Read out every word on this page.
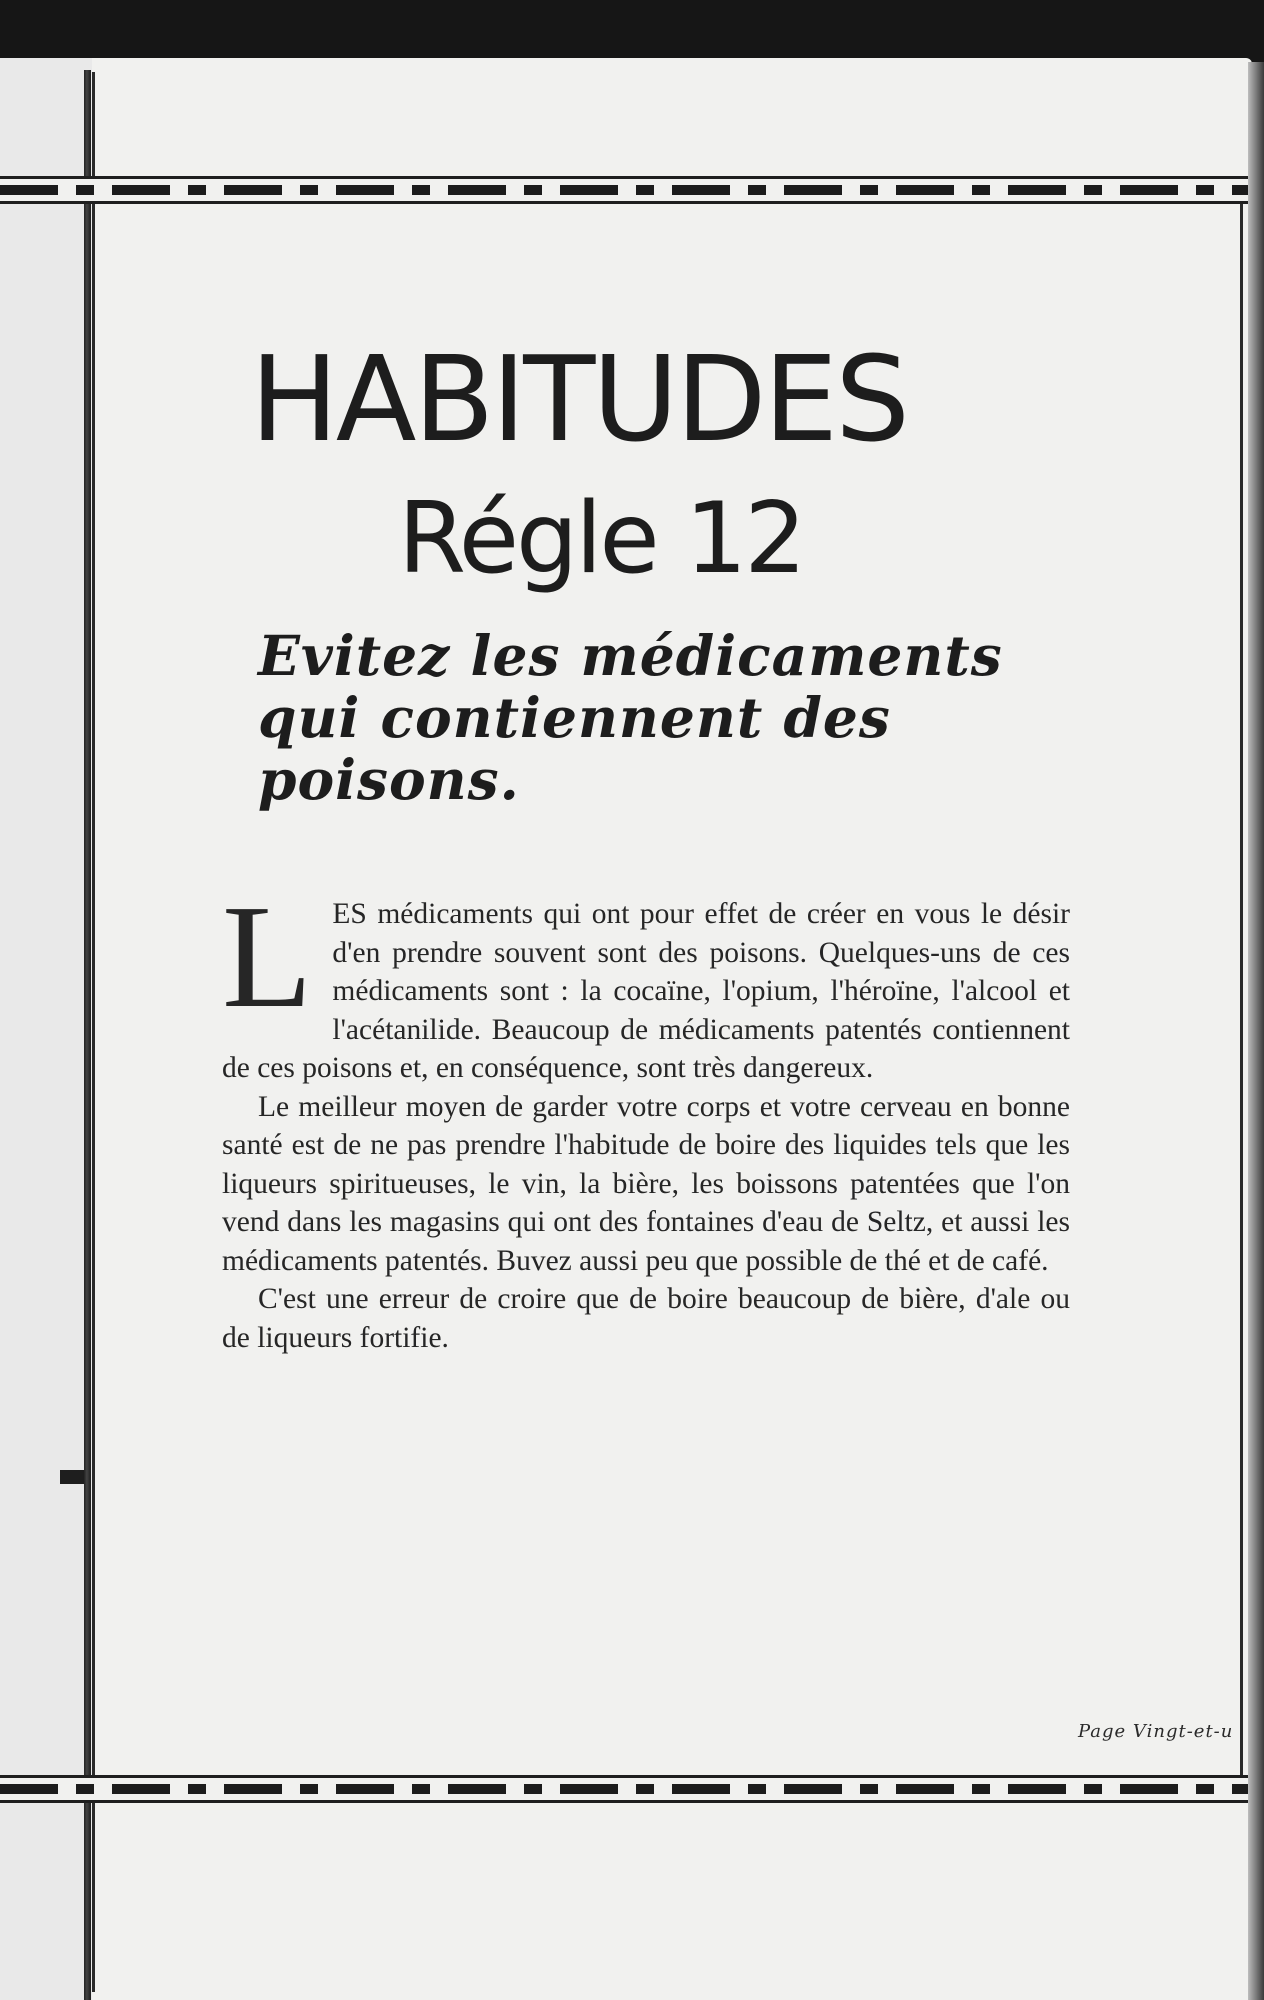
HABITUDES
Régle 12
Evitez les médicaments qui contiennent des poisons.

LES médicaments qui ont pour effet de créer en vous le désir d'en prendre souvent sont des poisons. Quelques-uns de ces médicaments sont : la cocaïne, l'opium, l'héroïne, l'alcool et l'acétanilide. Beaucoup de médicaments patentés contiennent de ces poisons et, en conséquence, sont très dangereux.

Le meilleur moyen de garder votre corps et votre cerveau en bonne santé est de ne pas prendre l'habitude de boire des liquides tels que les liqueurs spiritueuses, le vin, la bière, les boissons patentées que l'on vend dans les magasins qui ont des fontaines d'eau de Seltz, et aussi les médicaments patentés. Buvez aussi peu que possible de thé et de café.

C'est une erreur de croire que de boire beaucoup de bière, d'ale ou de liqueurs fortifie.

Page Vingt-et-u
